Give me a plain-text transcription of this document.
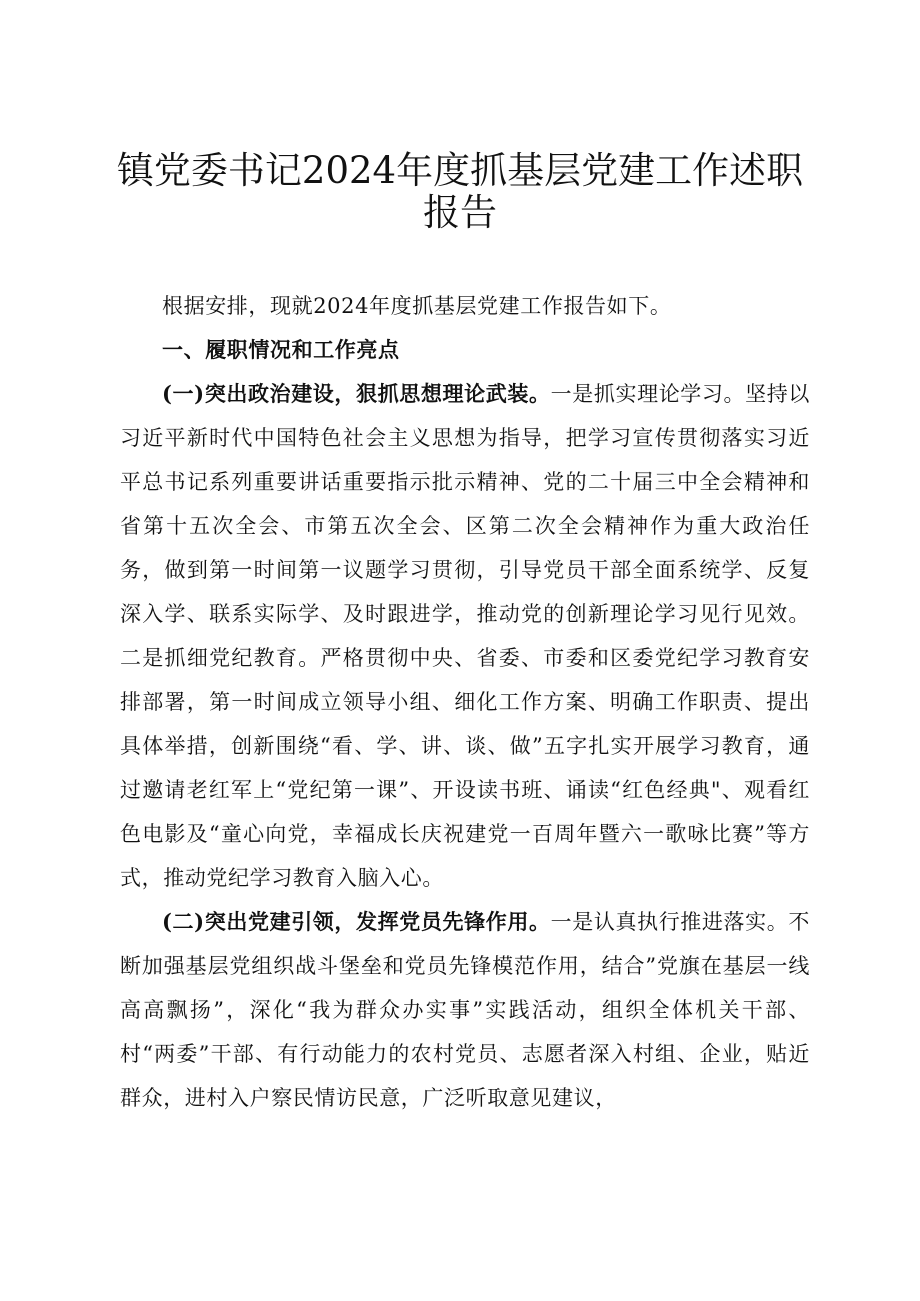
镇党委书记2024年度抓基层党建工作述职报告

根据安排，现就2024年度抓基层党建工作报告如下。

一、履职情况和工作亮点

(一)突出政治建设，狠抓思想理论武装。一是抓实理论学习。坚持以习近平新时代中国特色社会主义思想为指导，把学习宣传贯彻落实习近平总书记系列重要讲话重要指示批示精神、党的二十届三中全会精神和省第十五次全会、市第五次全会、区第二次全会精神作为重大政治任务，做到第一时间第一议题学习贯彻，引导党员干部全面系统学、反复深入学、联系实际学、及时跟进学，推动党的创新理论学习见行见效。二是抓细党纪教育。严格贯彻中央、省委、市委和区委党纪学习教育安排部署，第一时间成立领导小组、细化工作方案、明确工作职责、提出具体举措，创新围绕“看、学、讲、谈、做”五字扎实开展学习教育，通过邀请老红军上“党纪第一课”、开设读书班、诵读“红色经典"、观看红色电影及“童心向党，幸福成长庆祝建党一百周年暨六一歌咏比赛”等方式，推动党纪学习教育入脑入心。

(二)突出党建引领，发挥党员先锋作用。一是认真执行推进落实。不断加强基层党组织战斗堡垒和党员先锋模范作用，结合”党旗在基层一线高高飘扬”，深化“我为群众办实事”实践活动，组织全体机关干部、村“两委”干部、有行动能力的农村党员、志愿者深入村组、企业，贴近群众，进村入户察民情访民意，广泛听取意见建议，
